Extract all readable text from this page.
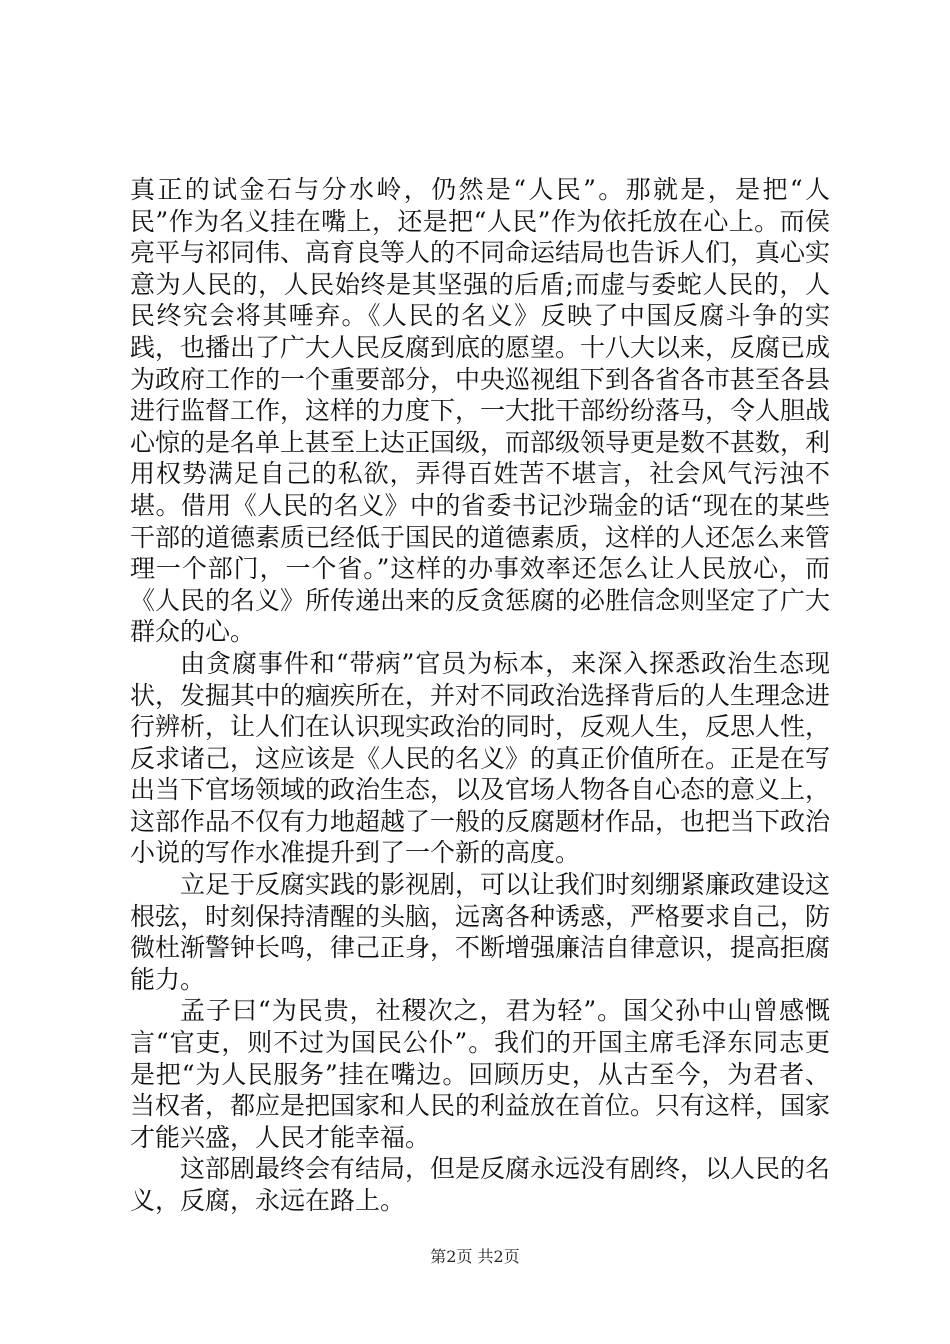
真正的试金石与分水岭，仍然是“人民”。那就是，是把“人民”作为名义挂在嘴上，还是把“人民”作为依托放在心上。而侯亮平与祁同伟、高育良等人的不同命运结局也告诉人们，真心实意为人民的，人民始终是其坚强的后盾;而虚与委蛇人民的，人民终究会将其唾弃。《人民的名义》反映了中国反腐斗争的实践，也播出了广大人民反腐到底的愿望。十八大以来，反腐已成为政府工作的一个重要部分，中央巡视组下到各省各市甚至各县进行监督工作，这样的力度下，一大批干部纷纷落马，令人胆战心惊的是名单上甚至上达正国级，而部级领导更是数不甚数，利用权势满足自己的私欲，弄得百姓苦不堪言，社会风气污浊不堪。借用《人民的名义》中的省委书记沙瑞金的话“现在的某些干部的道德素质已经低于国民的道德素质，这样的人还怎么来管理一个部门，一个省。”这样的办事效率还怎么让人民放心，而《人民的名义》所传递出来的反贪惩腐的必胜信念则坚定了广大群众的心。

由贪腐事件和“带病”官员为标本，来深入探悉政治生态现状，发掘其中的痼疾所在，并对不同政治选择背后的人生理念进行辨析，让人们在认识现实政治的同时，反观人生，反思人性，反求诸己，这应该是《人民的名义》的真正价值所在。正是在写出当下官场领域的政治生态，以及官场人物各自心态的意义上，这部作品不仅有力地超越了一般的反腐题材作品，也把当下政治小说的写作水准提升到了一个新的高度。

立足于反腐实践的影视剧，可以让我们时刻绷紧廉政建设这根弦，时刻保持清醒的头脑，远离各种诱惑，严格要求自己，防微杜渐警钟长鸣，律己正身，不断增强廉洁自律意识，提高拒腐能力。

孟子曰“为民贵，社稷次之，君为轻”。国父孙中山曾感慨言“官吏，则不过为国民公仆”。我们的开国主席毛泽东同志更是把“为人民服务”挂在嘴边。回顾历史，从古至今，为君者、当权者，都应是把国家和人民的利益放在首位。只有这样，国家才能兴盛，人民才能幸福。

这部剧最终会有结局，但是反腐永远没有剧终，以人民的名义，反腐，永远在路上。

第2页 共2页
